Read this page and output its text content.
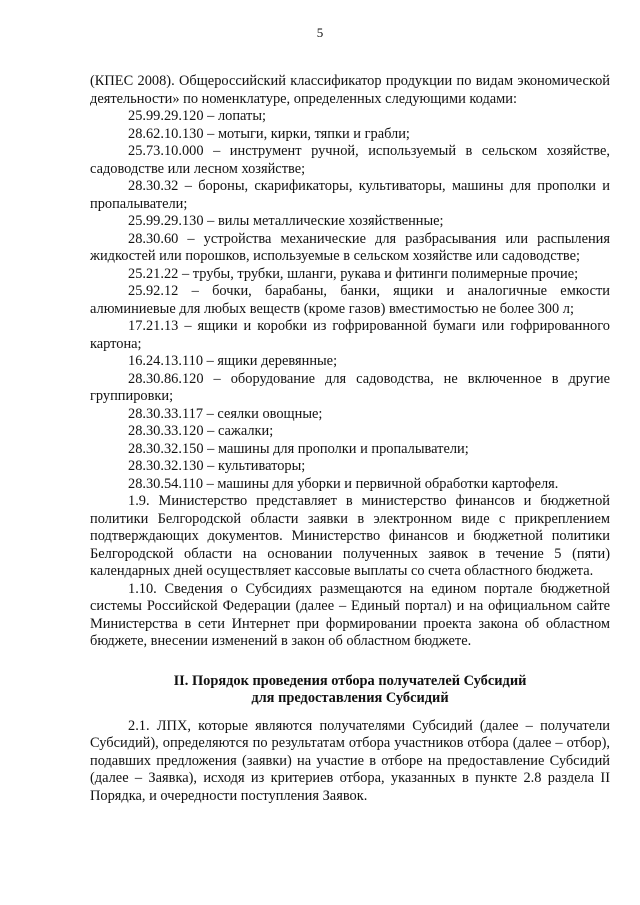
5

(КПЕС 2008). Общероссийский классификатор продукции по видам экономической деятельности» по номенклатуре, определенных следующими кодами:

25.99.29.120 – лопаты;

28.62.10.130 – мотыги, кирки, тяпки и грабли;

25.73.10.000 – инструмент ручной, используемый в сельском хозяйстве, садоводстве или лесном хозяйстве;

28.30.32 – бороны, скарификаторы, культиваторы, машины для прополки и пропалыватели;

25.99.29.130 – вилы металлические хозяйственные;

28.30.60 – устройства механические для разбрасывания или распыления жидкостей или порошков, используемые в сельском хозяйстве или садоводстве;

25.21.22 – трубы, трубки, шланги, рукава и фитинги полимерные прочие;

25.92.12 – бочки, барабаны, банки, ящики и аналогичные емкости алюминиевые для любых веществ (кроме газов) вместимостью не более 300 л;

17.21.13 – ящики и коробки из гофрированной бумаги или гофрированного картона;

16.24.13.110 – ящики деревянные;

28.30.86.120 – оборудование для садоводства, не включенное в другие группировки;

28.30.33.117 – сеялки овощные;

28.30.33.120 – сажалки;

28.30.32.150 – машины для прополки и пропалыватели;

28.30.32.130 – культиваторы;

28.30.54.110 – машины для уборки и первичной обработки картофеля.

1.9. Министерство представляет в министерство финансов и бюджетной политики Белгородской области заявки в электронном виде с прикреплением подтверждающих документов. Министерство финансов и бюджетной политики Белгородской области на основании полученных заявок в течение 5 (пяти) календарных дней осуществляет кассовые выплаты со счета областного бюджета.

1.10. Сведения о Субсидиях размещаются на едином портале бюджетной системы Российской Федерации (далее – Единый портал) и на официальном сайте Министерства в сети Интернет при формировании проекта закона об областном бюджете, внесении изменений в закон об областном бюджете.

II. Порядок проведения отбора получателей Субсидий

для предоставления Субсидий

2.1. ЛПХ, которые являются получателями Субсидий (далее – получатели Субсидий), определяются по результатам отбора участников отбора (далее – отбор), подавших предложения (заявки) на участие в отборе на предоставление Субсидий (далее – Заявка), исходя из критериев отбора, указанных в пункте 2.8 раздела II Порядка, и очередности поступления Заявок.
